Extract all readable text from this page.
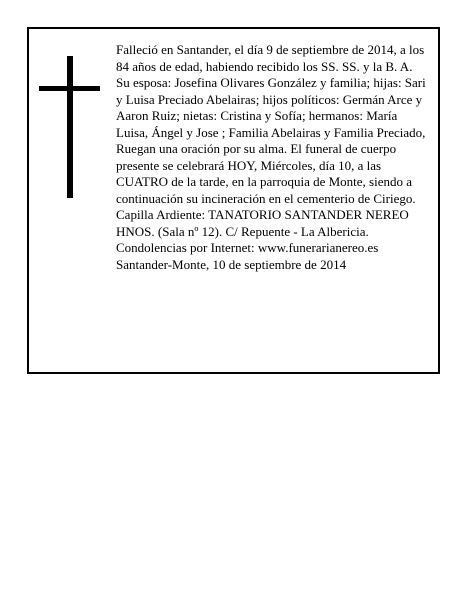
Falleció en Santander, el día 9 de septiembre de 2014, a los 84 años de edad, habiendo recibido los SS. SS. y la B. A.

Su esposa: Josefina Olivares González y familia; hijas: Sari y Luisa Preciado Abelairas; hijos políticos: Germán Arce y Aaron Ruiz; nietas: Cristina y Sofía; hermanos: María Luisa, Ángel y Jose ; Familia Abelairas y Familia Preciado,

Ruegan una oración por su alma. El funeral de cuerpo presente se celebrará HOY, Miércoles, día 10, a las CUATRO de la tarde, en la parroquia de Monte, siendo a continuación su incineración en el cementerio de Ciriego. Capilla Ardiente: TANATORIO SANTANDER NEREO HNOS. (Sala nº 12). C/ Repuente - La Albericia.

Condolencias por Internet: www.funerarianereo.es

Santander-Monte, 10 de septiembre de 2014
